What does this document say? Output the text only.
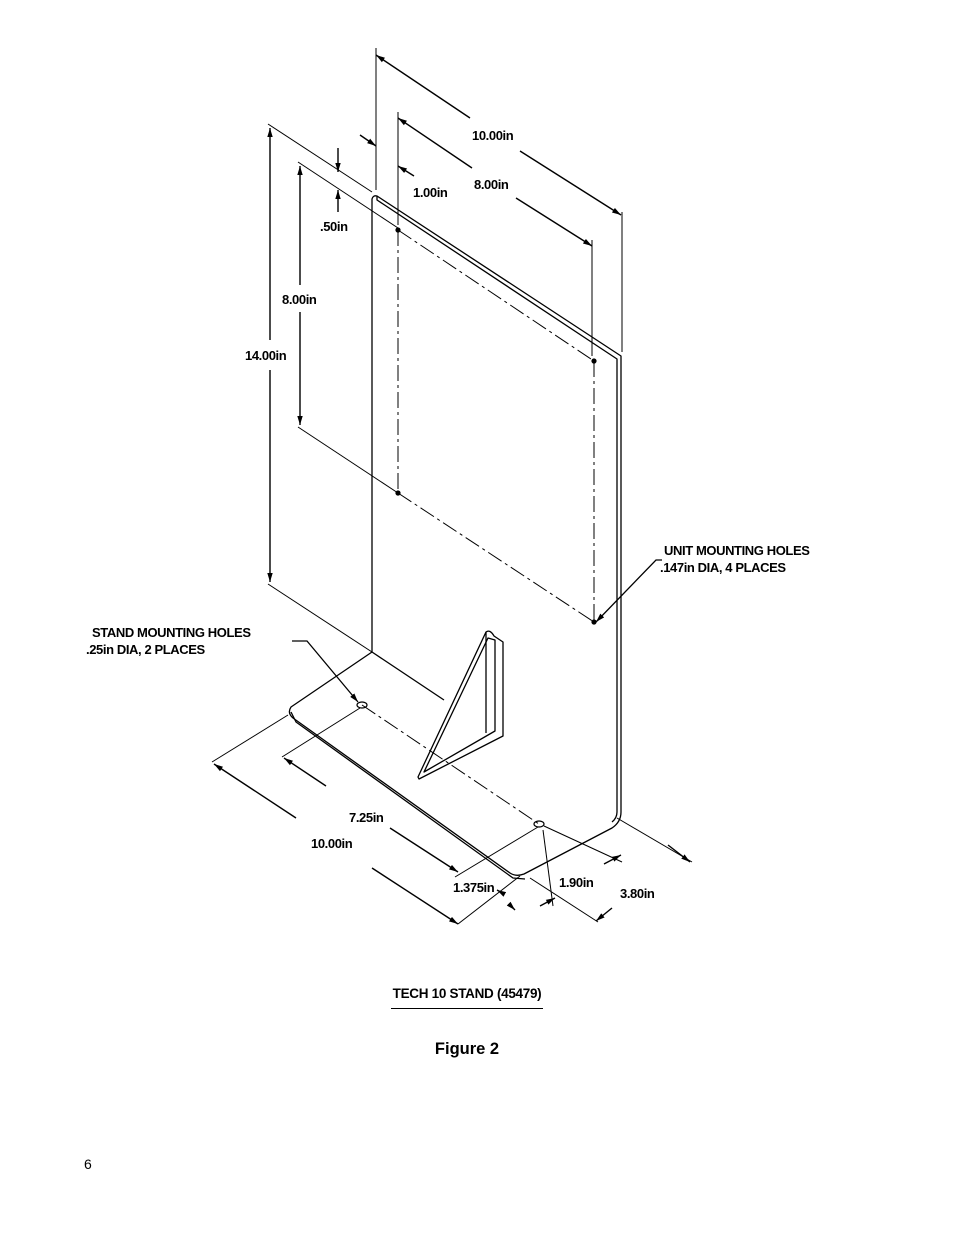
10.00in
8.00in
1.00in
.50in
8.00in
14.00in
7.25in
10.00in
1.375in	1.90in
3.80in
UNIT MOUNTING HOLES
.147in DIA, 4 PLACES
STAND MOUNTING HOLES
.25in DIA, 2 PLACES
TECH 10 STAND (45479)
Figure 2
6
